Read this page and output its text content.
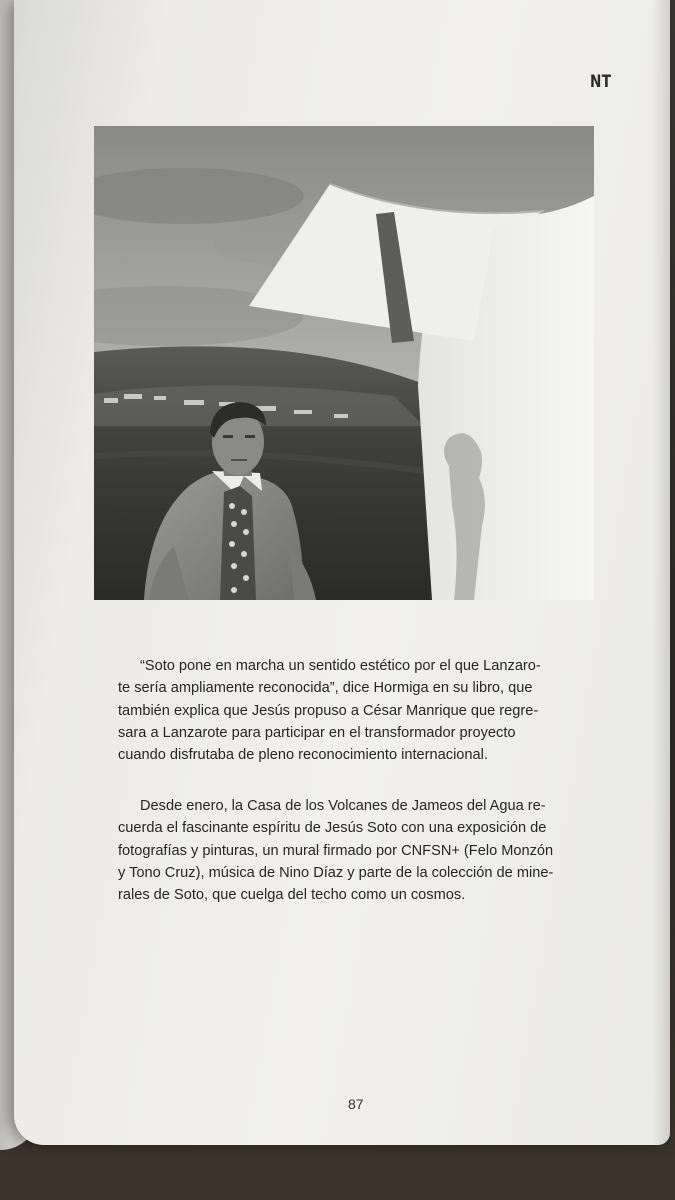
NT
“Soto pone en marcha un sentido estético por el que Lanzaro-
te sería ampliamente reconocida”, dice Hormiga en su libro, que
también explica que Jesús propuso a César Manrique que regre-
sara a Lanzarote para participar en el transformador proyecto
cuando disfrutaba de pleno reconocimiento internacional.
Desde enero, la Casa de los Volcanes de Jameos del Agua re-
cuerda el fascinante espíritu de Jesús Soto con una exposición de
fotografías y pinturas, un mural firmado por CNFSN+ (Felo Monzón
y Tono Cruz), música de Nino Díaz y parte de la colección de mine-
rales de Soto, que cuelga del techo como un cosmos.
87
